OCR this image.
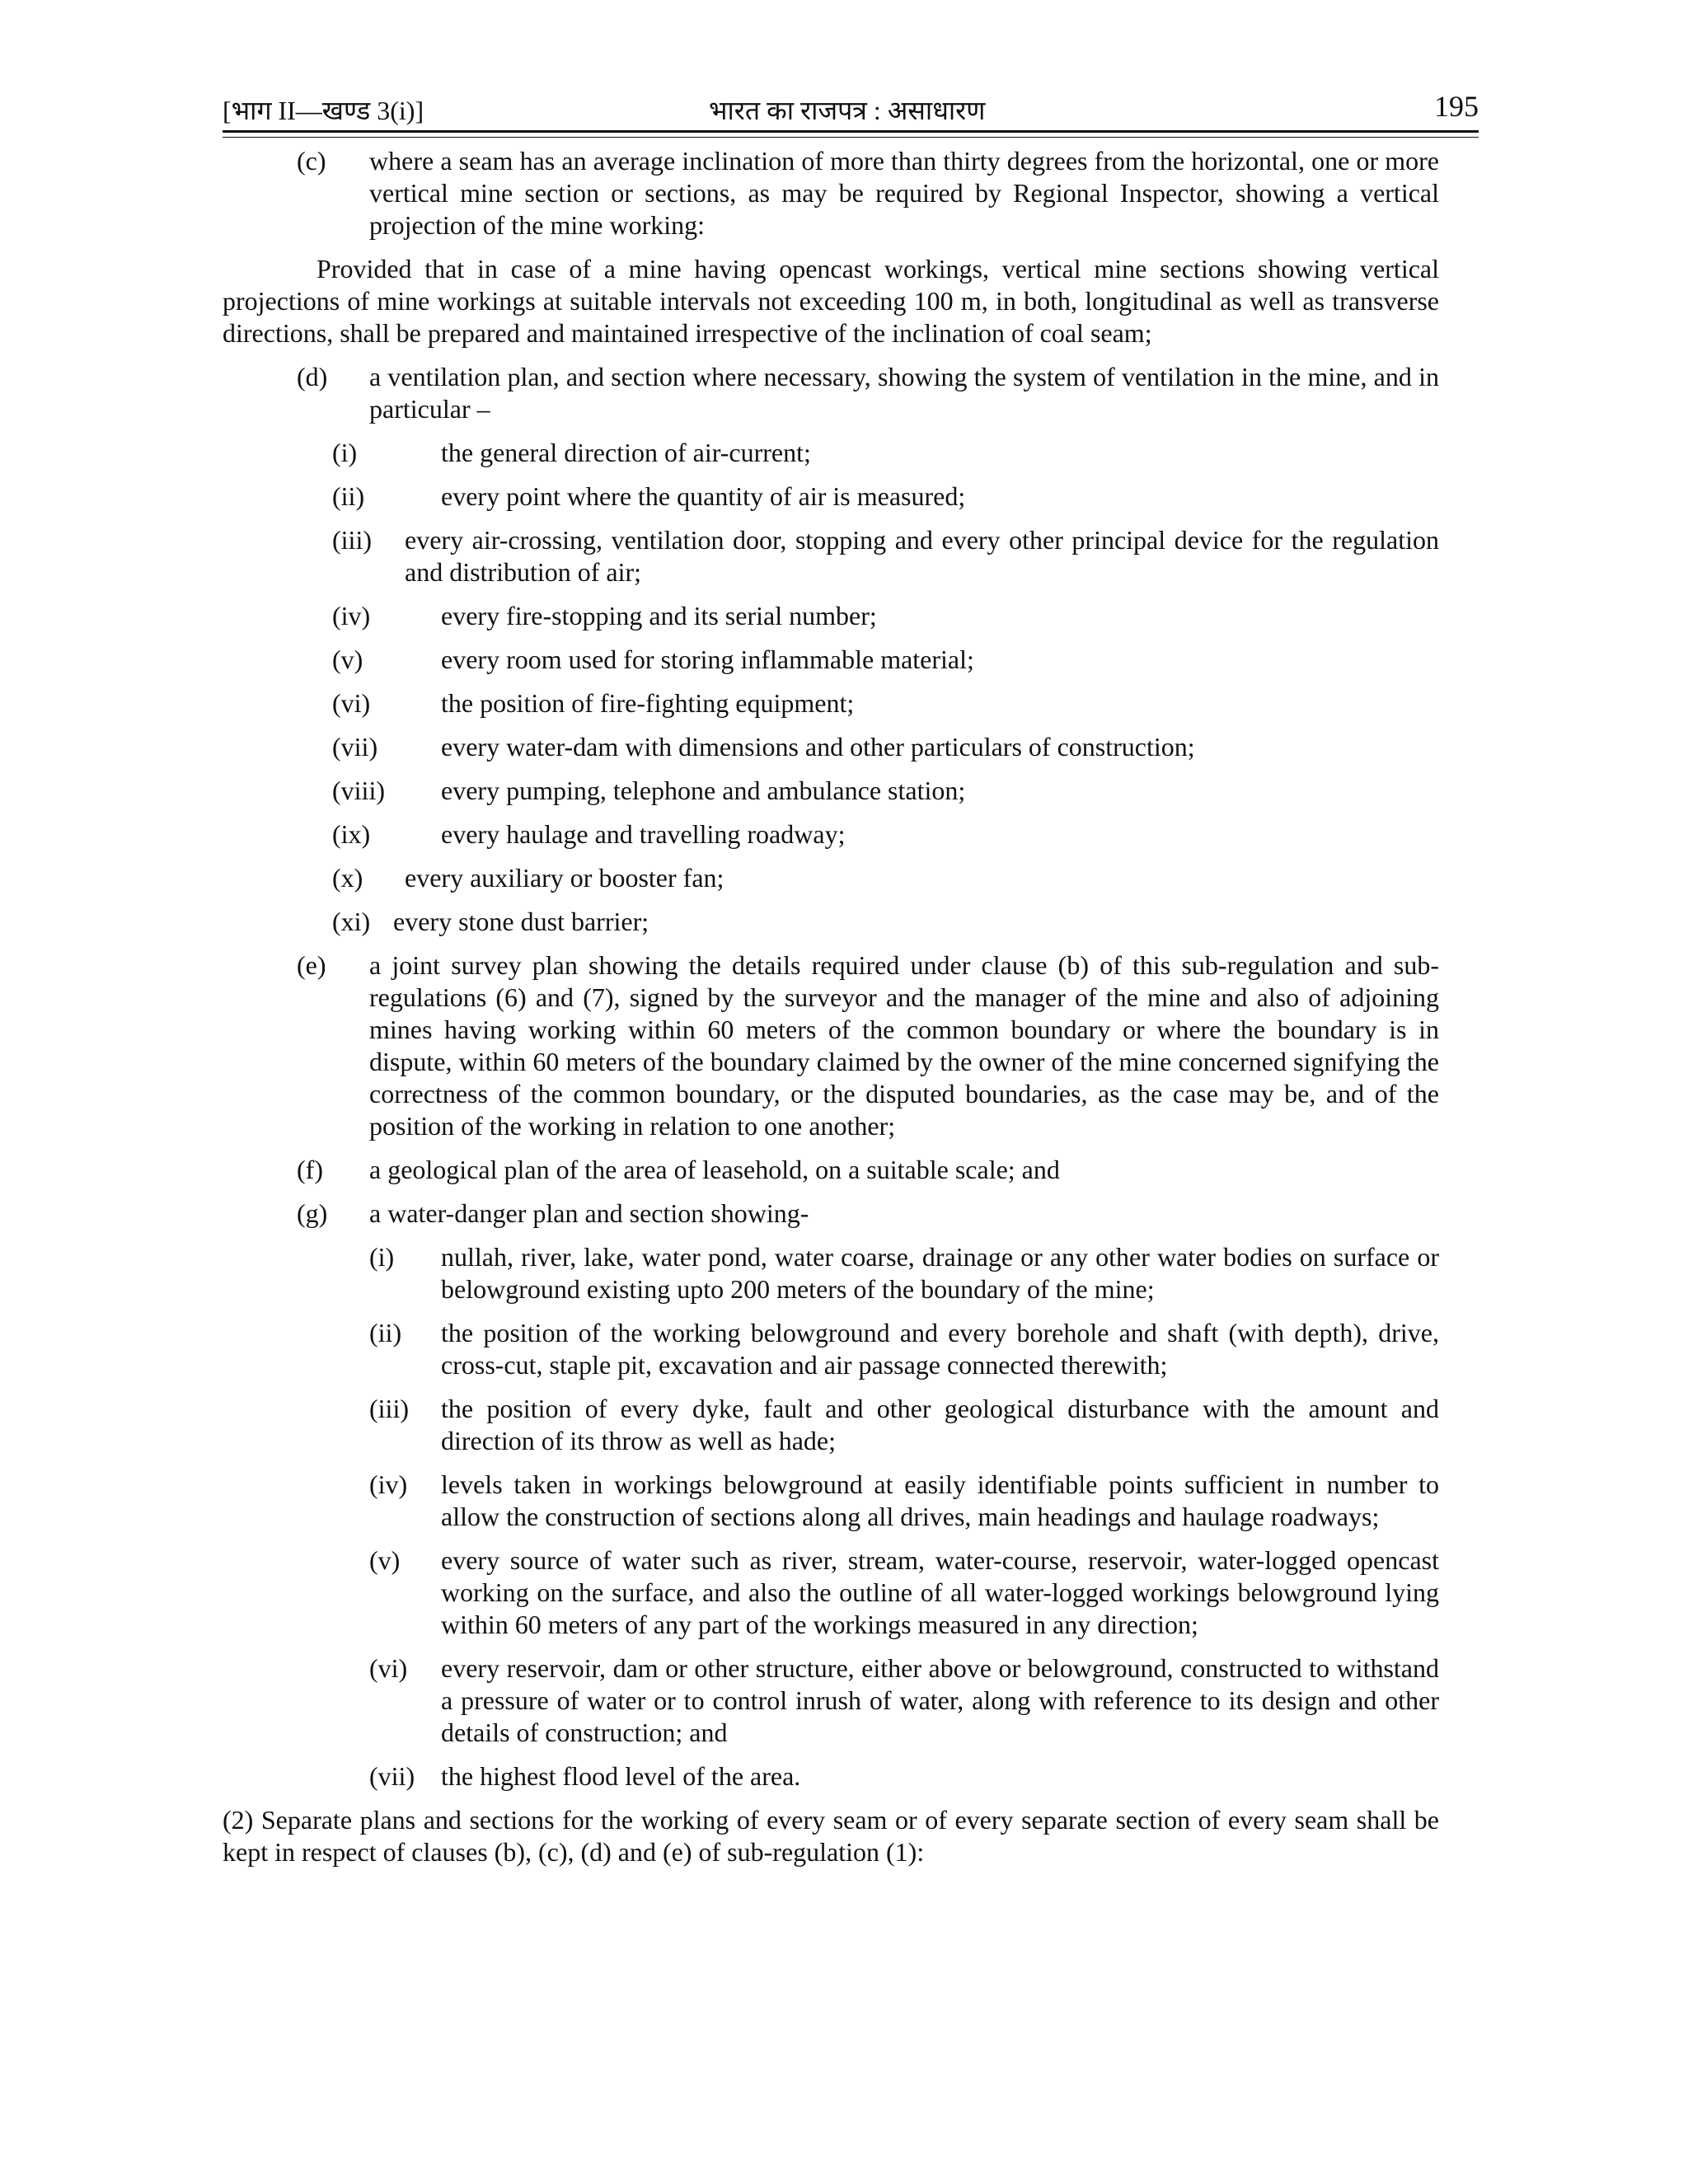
[भाग II—खण्ड 3(i)]	भारत का राजपत्र : असाधारण	195
(c)	where a seam has an average inclination of more than thirty degrees from the horizontal, one or more vertical mine section or sections, as may be required by Regional Inspector, showing a vertical projection of the mine working:
Provided that in case of a mine having opencast workings, vertical mine sections showing vertical projections of mine workings at suitable intervals not exceeding 100 m, in both, longitudinal as well as transverse directions, shall be prepared and maintained irrespective of the inclination of coal seam;
(d)	a ventilation plan, and section where necessary, showing the system of ventilation in the mine, and in particular –
(i)	the general direction of air-current;
(ii)	every point where the quantity of air is measured;
(iii)	every air-crossing, ventilation door, stopping and every other principal device for the regulation and distribution of air;
(iv)	every fire-stopping and its serial number;
(v)	every room used for storing inflammable material;
(vi)	the position of fire-fighting equipment;
(vii)	every water-dam with dimensions and other particulars of construction;
(viii)	every pumping, telephone and ambulance station;
(ix)	every haulage and travelling roadway;
(x)	every auxiliary or booster fan;
(xi) every stone dust barrier;
(e)	a joint survey plan showing the details required under clause (b) of this sub-regulation and sub-regulations (6) and (7), signed by the surveyor and the manager of the mine and also of adjoining mines having working within 60 meters of the common boundary or where the boundary is in dispute, within 60 meters of the boundary claimed by the owner of the mine concerned signifying the correctness of the common boundary, or the disputed boundaries, as the case may be, and of the position of the working in relation to one another;
(f)	a geological plan of the area of leasehold, on a suitable scale; and
(g)	a water-danger plan and section showing-
(i)	nullah, river, lake, water pond, water coarse, drainage or any other water bodies on surface or belowground existing upto 200 meters of the boundary of the mine;
(ii)	the position of the working belowground and every borehole and shaft (with depth), drive, cross-cut, staple pit, excavation and air passage connected therewith;
(iii)	the position of every dyke, fault and other geological disturbance with the amount and direction of its throw as well as hade;
(iv)	levels taken in workings belowground at easily identifiable points sufficient in number to allow the construction of sections along all drives, main headings and haulage roadways;
(v)	every source of water such as river, stream, water-course, reservoir, water-logged opencast working on the surface, and also the outline of all water-logged workings belowground lying within 60 meters of any part of the workings measured in any direction;
(vi)	every reservoir, dam or other structure, either above or belowground, constructed to withstand a pressure of water or to control inrush of water, along with reference to its design and other details of construction; and
(vii) the highest flood level of the area.
(2) Separate plans and sections for the working of every seam or of every separate section of every seam shall be kept in respect of clauses (b), (c), (d) and (e) of sub-regulation (1):
